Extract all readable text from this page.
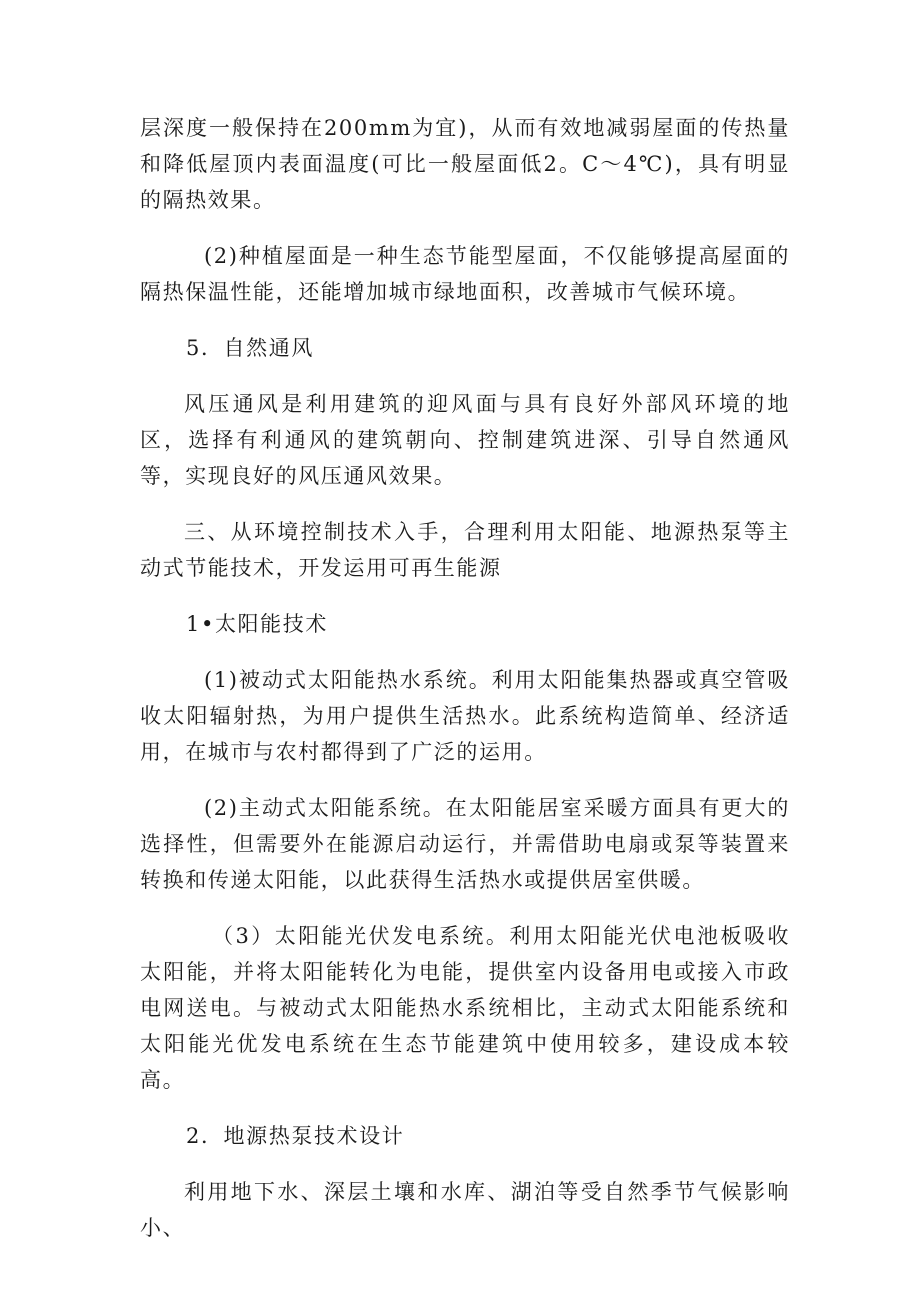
层深度一般保持在200mm为宜)，从而有效地减弱屋面的传热量和降低屋顶内表面温度(可比一般屋面低2。C～4℃)，具有明显的隔热效果。

(2)种植屋面是一种生态节能型屋面，不仅能够提高屋面的隔热保温性能，还能增加城市绿地面积，改善城市气候环境。

5．自然通风

风压通风是利用建筑的迎风面与具有良好外部风环境的地区，选择有利通风的建筑朝向、控制建筑进深、引导自然通风等，实现良好的风压通风效果。

三、从环境控制技术入手，合理利用太阳能、地源热泵等主动式节能技术，开发运用可再生能源

1•太阳能技术

(1)被动式太阳能热水系统。利用太阳能集热器或真空管吸收太阳辐射热，为用户提供生活热水。此系统构造简单、经济适用，在城市与农村都得到了广泛的运用。

(2)主动式太阳能系统。在太阳能居室采暖方面具有更大的选择性，但需要外在能源启动运行，并需借助电扇或泵等装置来转换和传递太阳能，以此获得生活热水或提供居室供暖。

（3）太阳能光伏发电系统。利用太阳能光伏电池板吸收太阳能，并将太阳能转化为电能，提供室内设备用电或接入市政电网送电。与被动式太阳能热水系统相比，主动式太阳能系统和太阳能光优发电系统在生态节能建筑中使用较多，建设成本较高。

2．地源热泵技术设计

利用地下水、深层土壤和水库、湖泊等受自然季节气候影响小、
